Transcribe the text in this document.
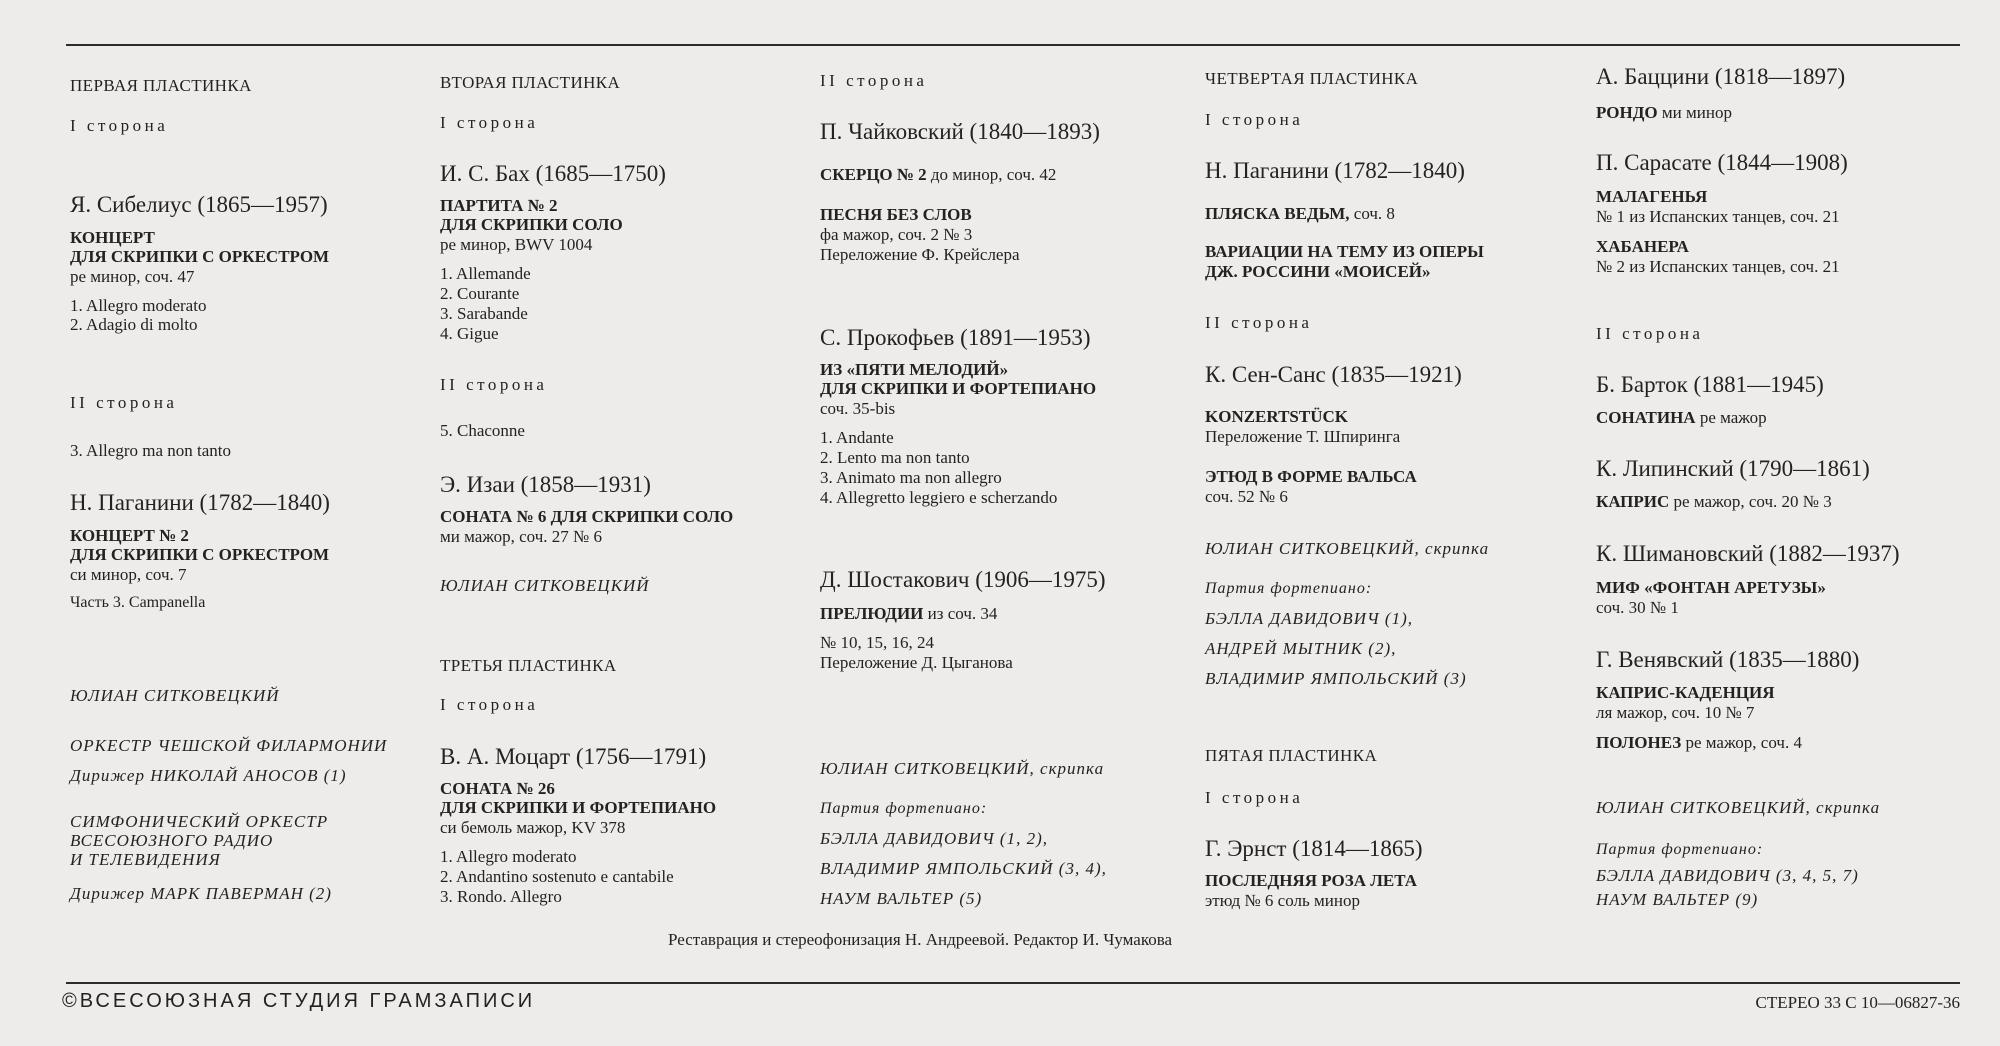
ПЕРВАЯ ПЛАСТИНКА
I сторона
Я. Сибелиус (1865—1957)
КОНЦЕРТ
ДЛЯ СКРИПКИ С ОРКЕСТРОМ
ре минор, соч. 47
1. Allegro moderato
2. Adagio di molto
II сторона
3. Allegro ma non tanto
Н. Паганини (1782—1840)
КОНЦЕРТ № 2
ДЛЯ СКРИПКИ С ОРКЕСТРОМ
си минор, соч. 7
Часть 3. Campanella
ЮЛИАН СИТКОВЕЦКИЙ
ОРКЕСТР ЧЕШСКОЙ ФИЛАРМОНИИ
Дирижер НИКОЛАЙ АНОСОВ (1)
СИМФОНИЧЕСКИЙ ОРКЕСТР
ВСЕСОЮЗНОГО РАДИО
И ТЕЛЕВИДЕНИЯ
Дирижер МАРК ПАВЕРМАН (2)
ВТОРАЯ ПЛАСТИНКА
I сторона
И. С. Бах (1685—1750)
ПАРТИТА № 2
ДЛЯ СКРИПКИ СОЛО
ре минор, BWV 1004
1. Allemande
2. Courante
3. Sarabande
4. Gigue
II сторона
5. Chaconne
Э. Изаи (1858—1931)
СОНАТА № 6 ДЛЯ СКРИПКИ СОЛО
ми мажор, соч. 27 № 6
ЮЛИАН СИТКОВЕЦКИЙ
ТРЕТЬЯ ПЛАСТИНКА
I сторона
В. А. Моцарт (1756—1791)
СОНАТА № 26
ДЛЯ СКРИПКИ И ФОРТЕПИАНО
си бемоль мажор, KV 378
1. Allegro moderato
2. Andantino sostenuto e cantabile
3. Rondo. Allegro
II сторона
П. Чайковский (1840—1893)
СКЕРЦО № 2 до минор, соч. 42
ПЕСНЯ БЕЗ СЛОВ
фа мажор, соч. 2 № 3
Переложение Ф. Крейслера
С. Прокофьев (1891—1953)
ИЗ «ПЯТИ МЕЛОДИЙ»
ДЛЯ СКРИПКИ И ФОРТЕПИАНО
соч. 35-bis
1. Andante
2. Lento ma non tanto
3. Animato ma non allegro
4. Allegretto leggiero e scherzando
Д. Шостакович (1906—1975)
ПРЕЛЮДИИ из соч. 34
№ 10, 15, 16, 24
Переложение Д. Цыганова
ЮЛИАН СИТКОВЕЦКИЙ, скрипка
Партия фортепиано:
БЭЛЛА ДАВИДОВИЧ (1, 2),
ВЛАДИМИР ЯМПОЛЬСКИЙ (3, 4),
НАУМ ВАЛЬТЕР (5)
ЧЕТВЕРТАЯ ПЛАСТИНКА
I сторона
Н. Паганини (1782—1840)
ПЛЯСКА ВЕДЬМ, соч. 8
ВАРИАЦИИ НА ТЕМУ ИЗ ОПЕРЫ
ДЖ. РОССИНИ «МОИСЕЙ»
II сторона
К. Сен-Санс (1835—1921)
KONZERTSTÜCK
Переложение Т. Шпиринга
ЭТЮД В ФОРМЕ ВАЛЬСА
соч. 52 № 6
ЮЛИАН СИТКОВЕЦКИЙ, скрипка
Партия фортепиано:
БЭЛЛА ДАВИДОВИЧ (1),
АНДРЕЙ МЫТНИК (2),
ВЛАДИМИР ЯМПОЛЬСКИЙ (3)
ПЯТАЯ ПЛАСТИНКА
I сторона
Г. Эрнст (1814—1865)
ПОСЛЕДНЯЯ РОЗА ЛЕТА
этюд № 6 соль минор
А. Баццини (1818—1897)
РОНДО ми минор
П. Сарасате (1844—1908)
МАЛАГЕНЬЯ
№ 1 из Испанских танцев, соч. 21
ХАБАНЕРА
№ 2 из Испанских танцев, соч. 21
II сторона
Б. Барток (1881—1945)
СОНАТИНА ре мажор
К. Липинский (1790—1861)
КАПРИС ре мажор, соч. 20 № 3
К. Шимановский (1882—1937)
МИФ «ФОНТАН АРЕТУЗЫ»
соч. 30 № 1
Г. Венявский (1835—1880)
КАПРИС-КАДЕНЦИЯ
ля мажор, соч. 10 № 7
ПОЛОНЕЗ ре мажор, соч. 4
ЮЛИАН СИТКОВЕЦКИЙ, скрипка
Партия фортепиано:
БЭЛЛА ДАВИДОВИЧ (3, 4, 5, 7)
НАУМ ВАЛЬТЕР (9)
Реставрация и стереофонизация Н. Андреевой. Редактор И. Чумакова
©ВСЕСОЮЗНАЯ СТУДИЯ ГРАМЗАПИСИ	СТЕРЕО 33 С 10—06827-36
